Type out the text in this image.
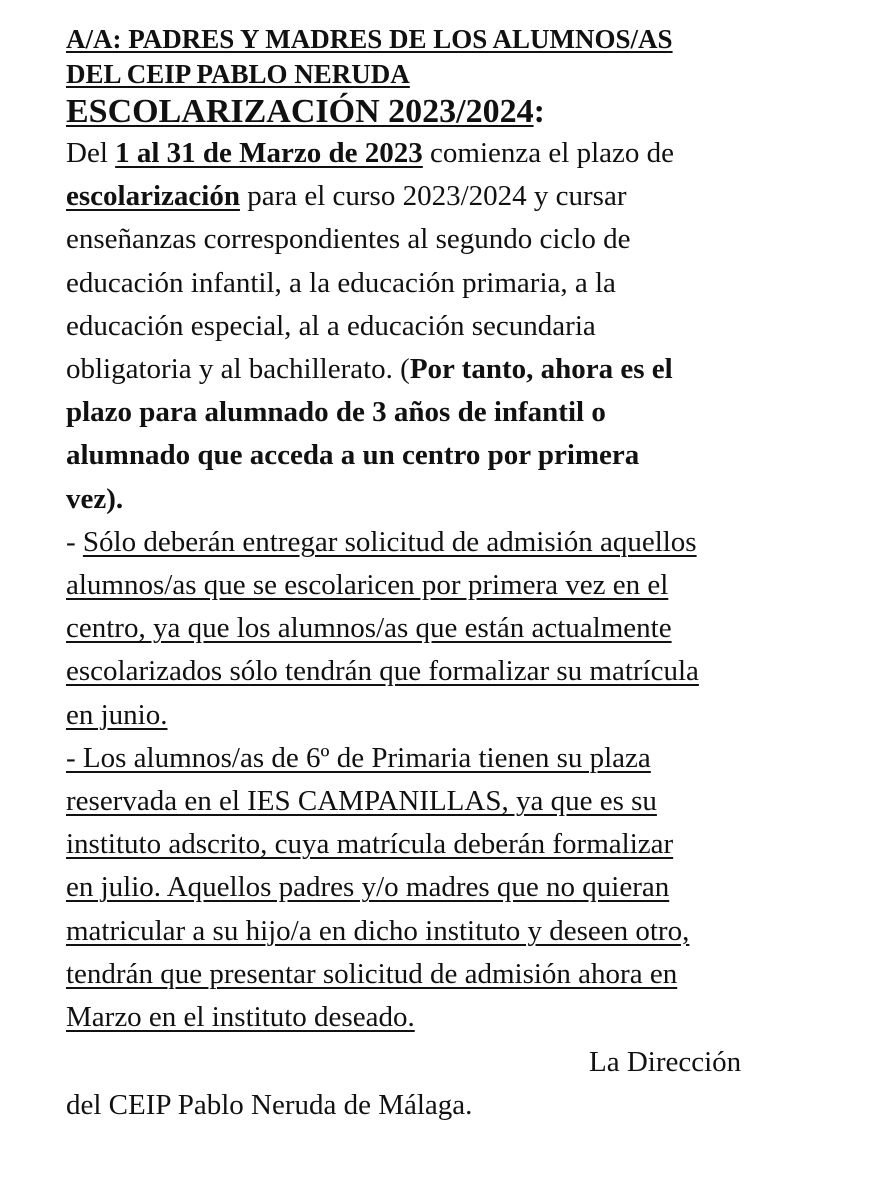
A/A: PADRES Y MADRES DE LOS ALUMNOS/AS
DEL CEIP PABLO NERUDA
ESCOLARIZACIÓN 2023/2024:
Del 1 al 31 de Marzo de 2023 comienza el plazo de
escolarización para el curso 2023/2024 y cursar
enseñanzas correspondientes al segundo ciclo de
educación infantil, a la educación primaria, a la
educación especial, al a educación secundaria
obligatoria y al bachillerato. (Por tanto, ahora es el
plazo para alumnado de 3 años de infantil o
alumnado que acceda a un centro por primera
vez).
- Sólo deberán entregar solicitud de admisión aquellos
alumnos/as que se escolaricen por primera vez en el
centro, ya que los alumnos/as que están actualmente
escolarizados sólo tendrán que formalizar su matrícula
en junio.
- Los alumnos/as de 6º de Primaria tienen su plaza
reservada en el IES CAMPANILLAS, ya que es su
instituto adscrito, cuya matrícula deberán formalizar
en julio. Aquellos padres y/o madres que no quieran
matricular a su hijo/a en dicho instituto y deseen otro,
tendrán que presentar solicitud de admisión ahora en
Marzo en el instituto deseado.
La Dirección
del CEIP Pablo Neruda de Málaga.
